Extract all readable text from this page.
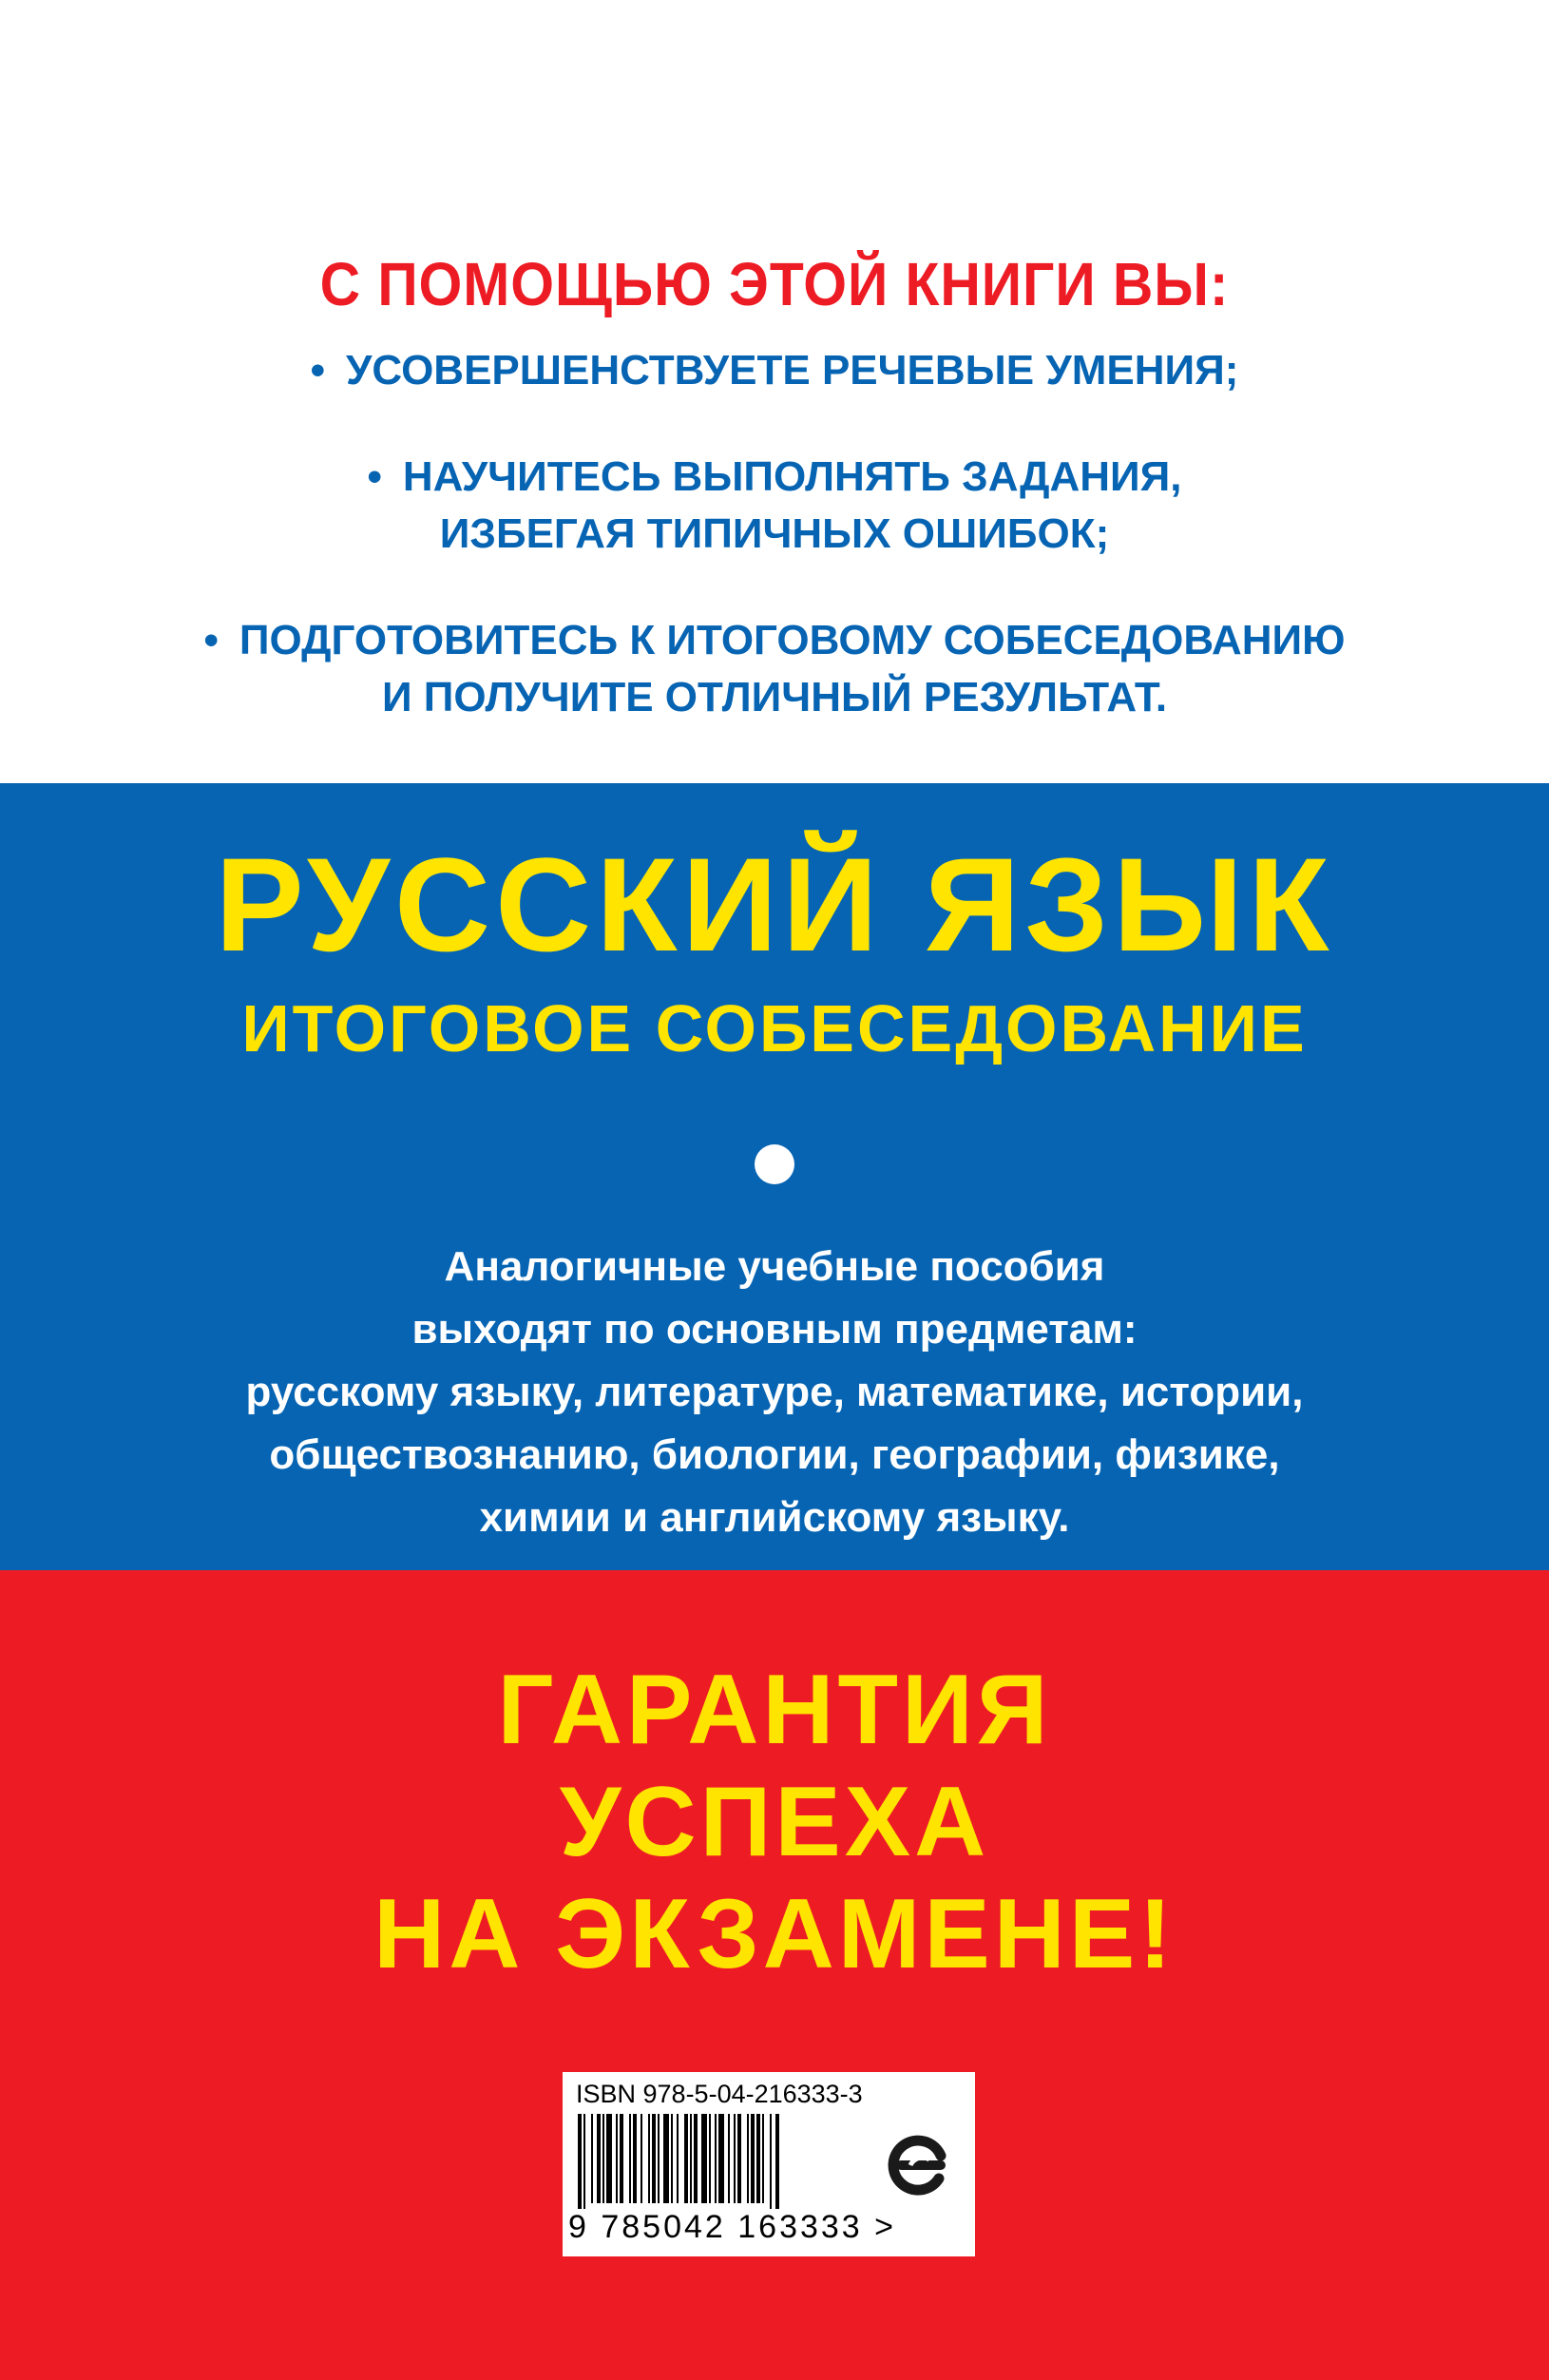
С ПОМОЩЬЮ ЭТОЙ КНИГИ ВЫ:
• УСОВЕРШЕНСТВУЕТЕ РЕЧЕВЫЕ УМЕНИЯ;
• НАУЧИТЕСЬ ВЫПОЛНЯТЬ ЗАДАНИЯ,
ИЗБЕГАЯ ТИПИЧНЫХ ОШИБОК;
• ПОДГОТОВИТЕСЬ К ИТОГОВОМУ СОБЕСЕДОВАНИЮ
И ПОЛУЧИТЕ ОТЛИЧНЫЙ РЕЗУЛЬТАТ.
РУССКИЙ ЯЗЫК
ИТОГОВОЕ СОБЕСЕДОВАНИЕ
Аналогичные учебные пособия
выходят по основным предметам:
русскому языку, литературе, математике, истории,
обществознанию, биологии, географии, физике,
химии и английскому языку.
ГАРАНТИЯ
УСПЕХА
НА ЭКЗАМЕНЕ!
ISBN 978-5-04-216333-3
9 785042 163333 >
